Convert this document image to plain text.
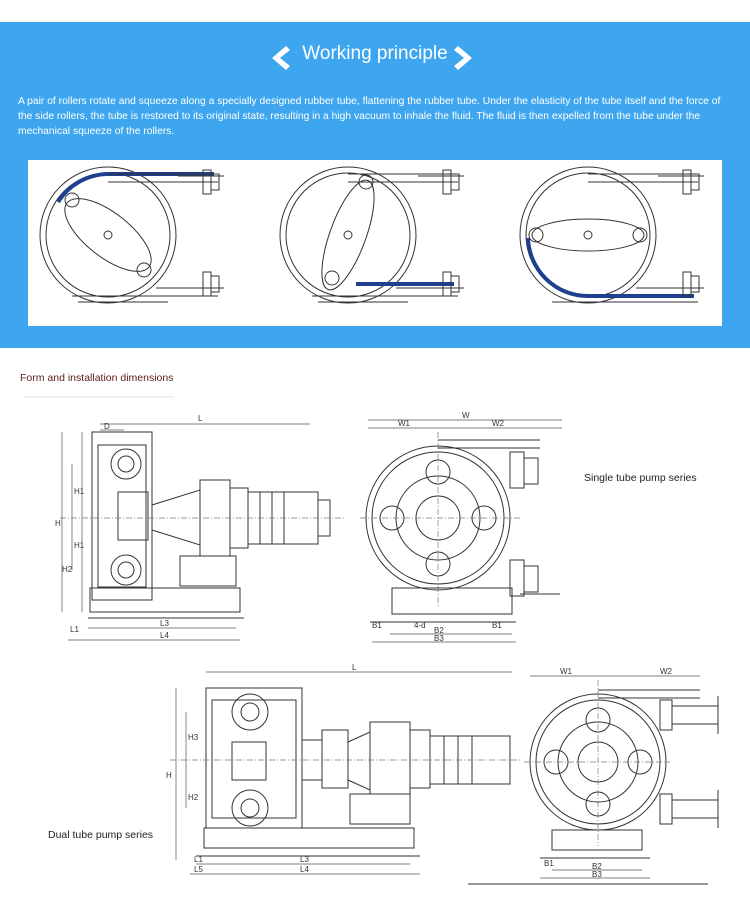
Working principle
A pair of rollers rotate and squeeze along a specially designed rubber tube, flattening the rubber tube. Under the elasticity of the tube itself and the force of the side rollers, the tube is restored to its original state, resulting in a high vacuum to inhale the fluid. The fluid is then expelled from the tube under the mechanical squeeze of the rollers.
Form and installation dimensions
Single tube pump series
Dual tube pump series
L
D
H
H1
H1
H2
L3
L4
L1
W
W1	W2
B1	B1
4-d
B2
B3
L
H
H3
H2
L3
L4
L1
L5
W1	W2
B1	B2
B3
